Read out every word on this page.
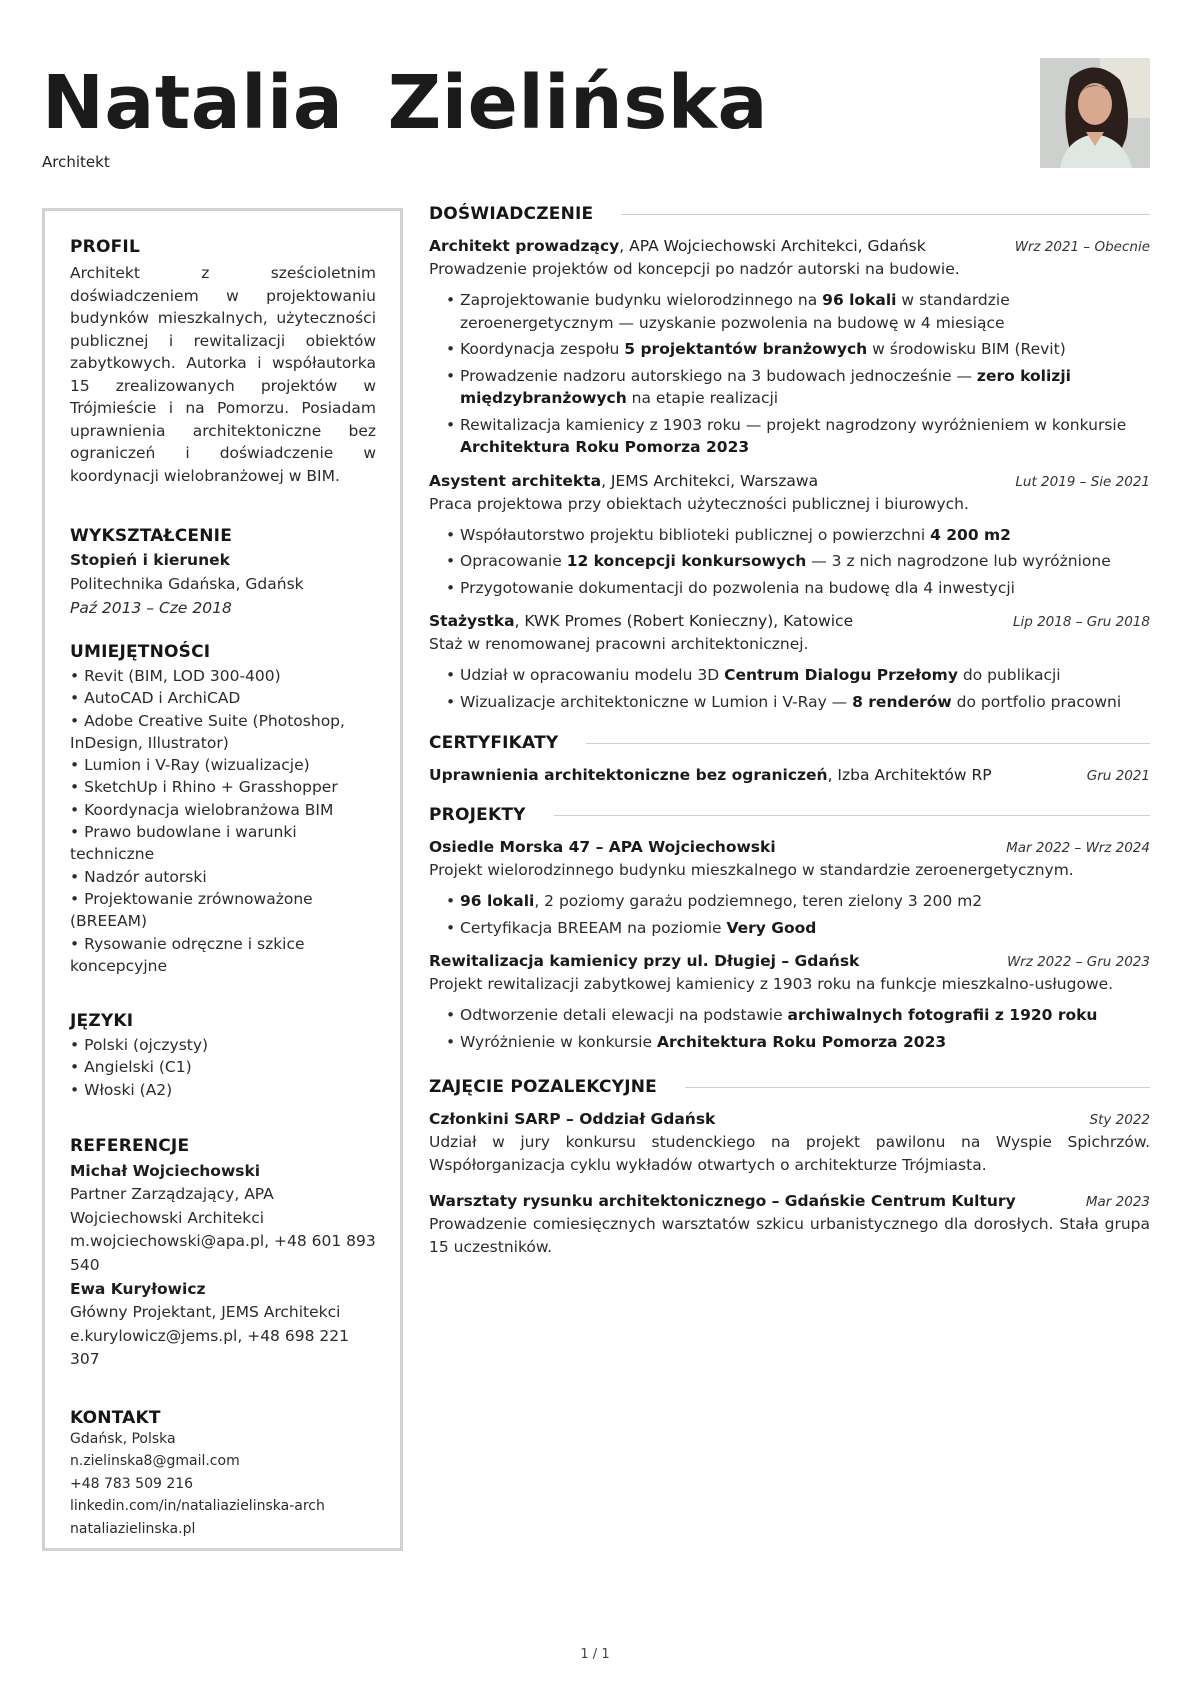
Natalia Zielińska
Architekt
PROFIL
Architekt z sześcioletnim doświadczeniem w projektowaniu budynków mieszkalnych, użyteczności publicznej i rewitalizacji obiektów zabytkowych. Autorka i współautorka 15 zrealizowanych projektów w Trójmieście i na Pomorzu. Posiadam uprawnienia architektoniczne bez ograniczeń i doświadczenie w koordynacji wielobranżowej w BIM.
WYKSZTAŁCENIE
Stopień i kierunek
Politechnika Gdańska, Gdańsk
Paź 2013 – Cze 2018
UMIEJĘTNOŚCI
• Revit (BIM, LOD 300-400)
• AutoCAD i ArchiCAD
• Adobe Creative Suite (Photoshop, InDesign, Illustrator)
• Lumion i V-Ray (wizualizacje)
• SketchUp i Rhino + Grasshopper
• Koordynacja wielobranżowa BIM
• Prawo budowlane i warunki techniczne
• Nadzór autorski
• Projektowanie zrównoważone (BREEAM)
• Rysowanie odręczne i szkice koncepcyjne
JĘZYKI
• Polski (ojczysty)
• Angielski (C1)
• Włoski (A2)
REFERENCJE
Michał Wojciechowski
Partner Zarządzający, APA Wojciechowski Architekci
m.wojciechowski@apa.pl, +48 601 893 540
Ewa Kuryłowicz
Główny Projektant, JEMS Architekci
e.kurylowicz@jems.pl, +48 698 221 307
KONTAKT
Gdańsk, Polska
n.zielinska8@gmail.com
+48 783 509 216
linkedin.com/in/nataliazielinska-arch
nataliazielinska.pl
DOŚWIADCZENIE
Architekt prowadzący, APA Wojciechowski Architekci, Gdańsk	Wrz 2021 – Obecnie
Prowadzenie projektów od koncepcji po nadzór autorski na budowie.
• Zaprojektowanie budynku wielorodzinnego na 96 lokali w standardzie zeroenergetycznym — uzyskanie pozwolenia na budowę w 4 miesiące
• Koordynacja zespołu 5 projektantów branżowych w środowisku BIM (Revit)
• Prowadzenie nadzoru autorskiego na 3 budowach jednocześnie — zero kolizji międzybranżowych na etapie realizacji
• Rewitalizacja kamienicy z 1903 roku — projekt nagrodzony wyróżnieniem w konkursie Architektura Roku Pomorza 2023
Asystent architekta, JEMS Architekci, Warszawa	Lut 2019 – Sie 2021
Praca projektowa przy obiektach użyteczności publicznej i biurowych.
• Współautorstwo projektu biblioteki publicznej o powierzchni 4 200 m2
• Opracowanie 12 koncepcji konkursowych — 3 z nich nagrodzone lub wyróżnione
• Przygotowanie dokumentacji do pozwolenia na budowę dla 4 inwestycji
Stażystka, KWK Promes (Robert Konieczny), Katowice	Lip 2018 – Gru 2018
Staż w renomowanej pracowni architektonicznej.
• Udział w opracowaniu modelu 3D Centrum Dialogu Przełomy do publikacji
• Wizualizacje architektoniczne w Lumion i V-Ray — 8 renderów do portfolio pracowni
CERTYFIKATY
Uprawnienia architektoniczne bez ograniczeń, Izba Architektów RP	Gru 2021
PROJEKTY
Osiedle Morska 47 – APA Wojciechowski	Mar 2022 – Wrz 2024
Projekt wielorodzinnego budynku mieszkalnego w standardzie zeroenergetycznym.
• 96 lokali, 2 poziomy garażu podziemnego, teren zielony 3 200 m2
• Certyfikacja BREEAM na poziomie Very Good
Rewitalizacja kamienicy przy ul. Długiej – Gdańsk	Wrz 2022 – Gru 2023
Projekt rewitalizacji zabytkowej kamienicy z 1903 roku na funkcje mieszkalno-usługowe.
• Odtworzenie detali elewacji na podstawie archiwalnych fotografii z 1920 roku
• Wyróżnienie w konkursie Architektura Roku Pomorza 2023
ZAJĘCIE POZALEKCYJNE
Członkini SARP – Oddział Gdańsk	Sty 2022
Udział w jury konkursu studenckiego na projekt pawilonu na Wyspie Spichrzów. Współorganizacja cyklu wykładów otwartych o architekturze Trójmiasta.
Warsztaty rysunku architektonicznego – Gdańskie Centrum Kultury	Mar 2023
Prowadzenie comiesięcznych warsztatów szkicu urbanistycznego dla dorosłych. Stała grupa 15 uczestników.
1 / 1
